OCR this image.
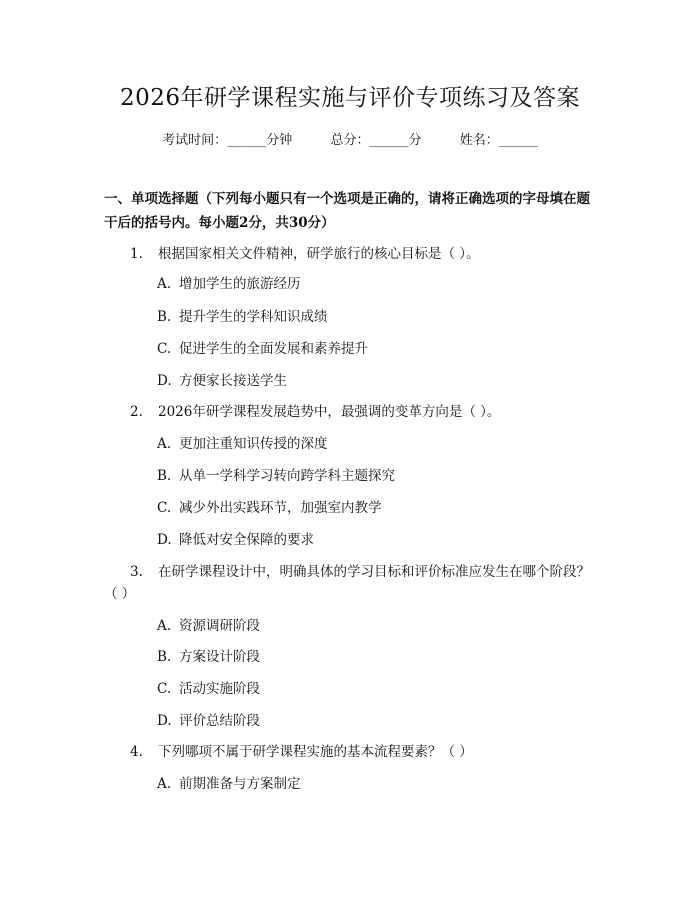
2026年研学课程实施与评价专项练习及答案
考试时间：______分钟	总分：______分	姓名：______
一、单项选择题（下列每小题只有一个选项是正确的，请将正确选项的字母填在题干后的括号内。每小题2分，共30分）
1. 根据国家相关文件精神，研学旅行的核心目标是（ ）。
A. 增加学生的旅游经历
B. 提升学生的学科知识成绩
C. 促进学生的全面发展和素养提升
D. 方便家长接送学生
2. 2026年研学课程发展趋势中，最强调的变革方向是（ ）。
A. 更加注重知识传授的深度
B. 从单一学科学习转向跨学科主题探究
C. 减少外出实践环节，加强室内教学
D. 降低对安全保障的要求
3. 在研学课程设计中，明确具体的学习目标和评价标准应发生在哪个阶段？（ ）
A. 资源调研阶段
B. 方案设计阶段
C. 活动实施阶段
D. 评价总结阶段
4. 下列哪项不属于研学课程实施的基本流程要素？（ ）
A. 前期准备与方案制定
